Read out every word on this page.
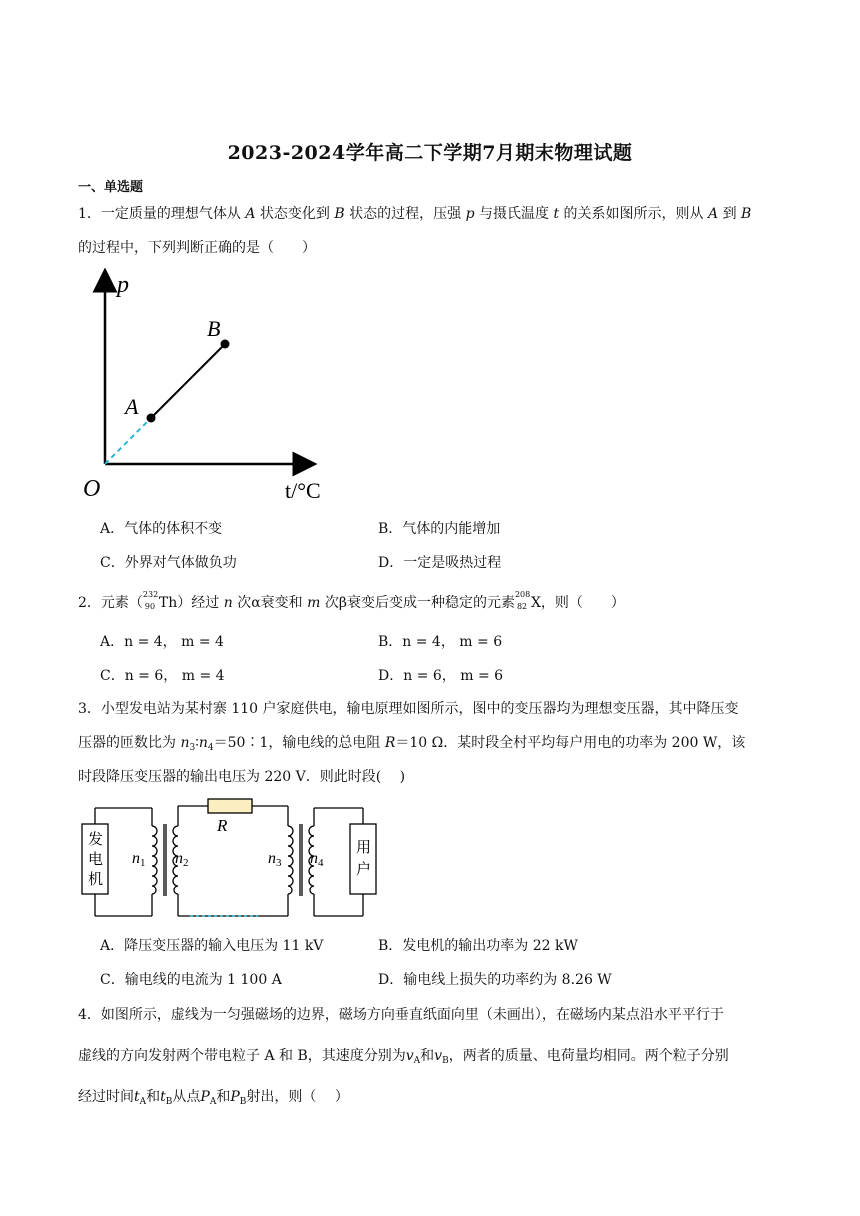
2023-2024学年高二下学期7月期末物理试题
一、单选题
1．一定质量的理想气体从 A 状态变化到 B 状态的过程，压强 p 与摄氏温度 t 的关系如图所示，则从 A 到 B
的过程中，下列判断正确的是（　　）
p
B
A
O	t/°C
A．气体的体积不变	B．气体的内能增加
C．外界对气体做负功	D．一定是吸热过程
2．元素（
232
90 Th）经过 n 次α衰变和 m 次β衰变后变成一种稳定的元素
208
82 X，则（　　）
A．n = 4， m = 4	B．n = 4， m = 6
C．n = 6， m = 4	D．n = 6， m = 6
3．小型发电站为某村寨 110 户家庭供电，输电原理如图所示，图中的变压器均为理想变压器，其中降压变
压器的匝数比为 $n_3∶n_4=50∶1$，输电线的总电阻 R＝10 Ω．某时段全村平均每户用电的功率为 200 W，该
时段降压变压器的输出电压为 220 V．则此时段(　 )
R
发
电
机
用
户
n1 n2	n3 n4
A．降压变压器的输入电压为 11 kV	B．发电机的输出功率为 22 kW
C．输电线的电流为 1 100 A	D．输电线上损失的功率约为 8.26 W
4．如图所示，虚线为一匀强磁场的边界，磁场方向垂直纸面向里（未画出），在磁场内某点沿水平平行于
虚线的方向发射两个带电粒子 A 和 B，其速度分别为$v_A$和$v_B$，两者的质量、电荷量均相同。两个粒子分别
经过时间$t_A$和$t_B$从点$P_A$和$P_B$射出，则（　 ）
